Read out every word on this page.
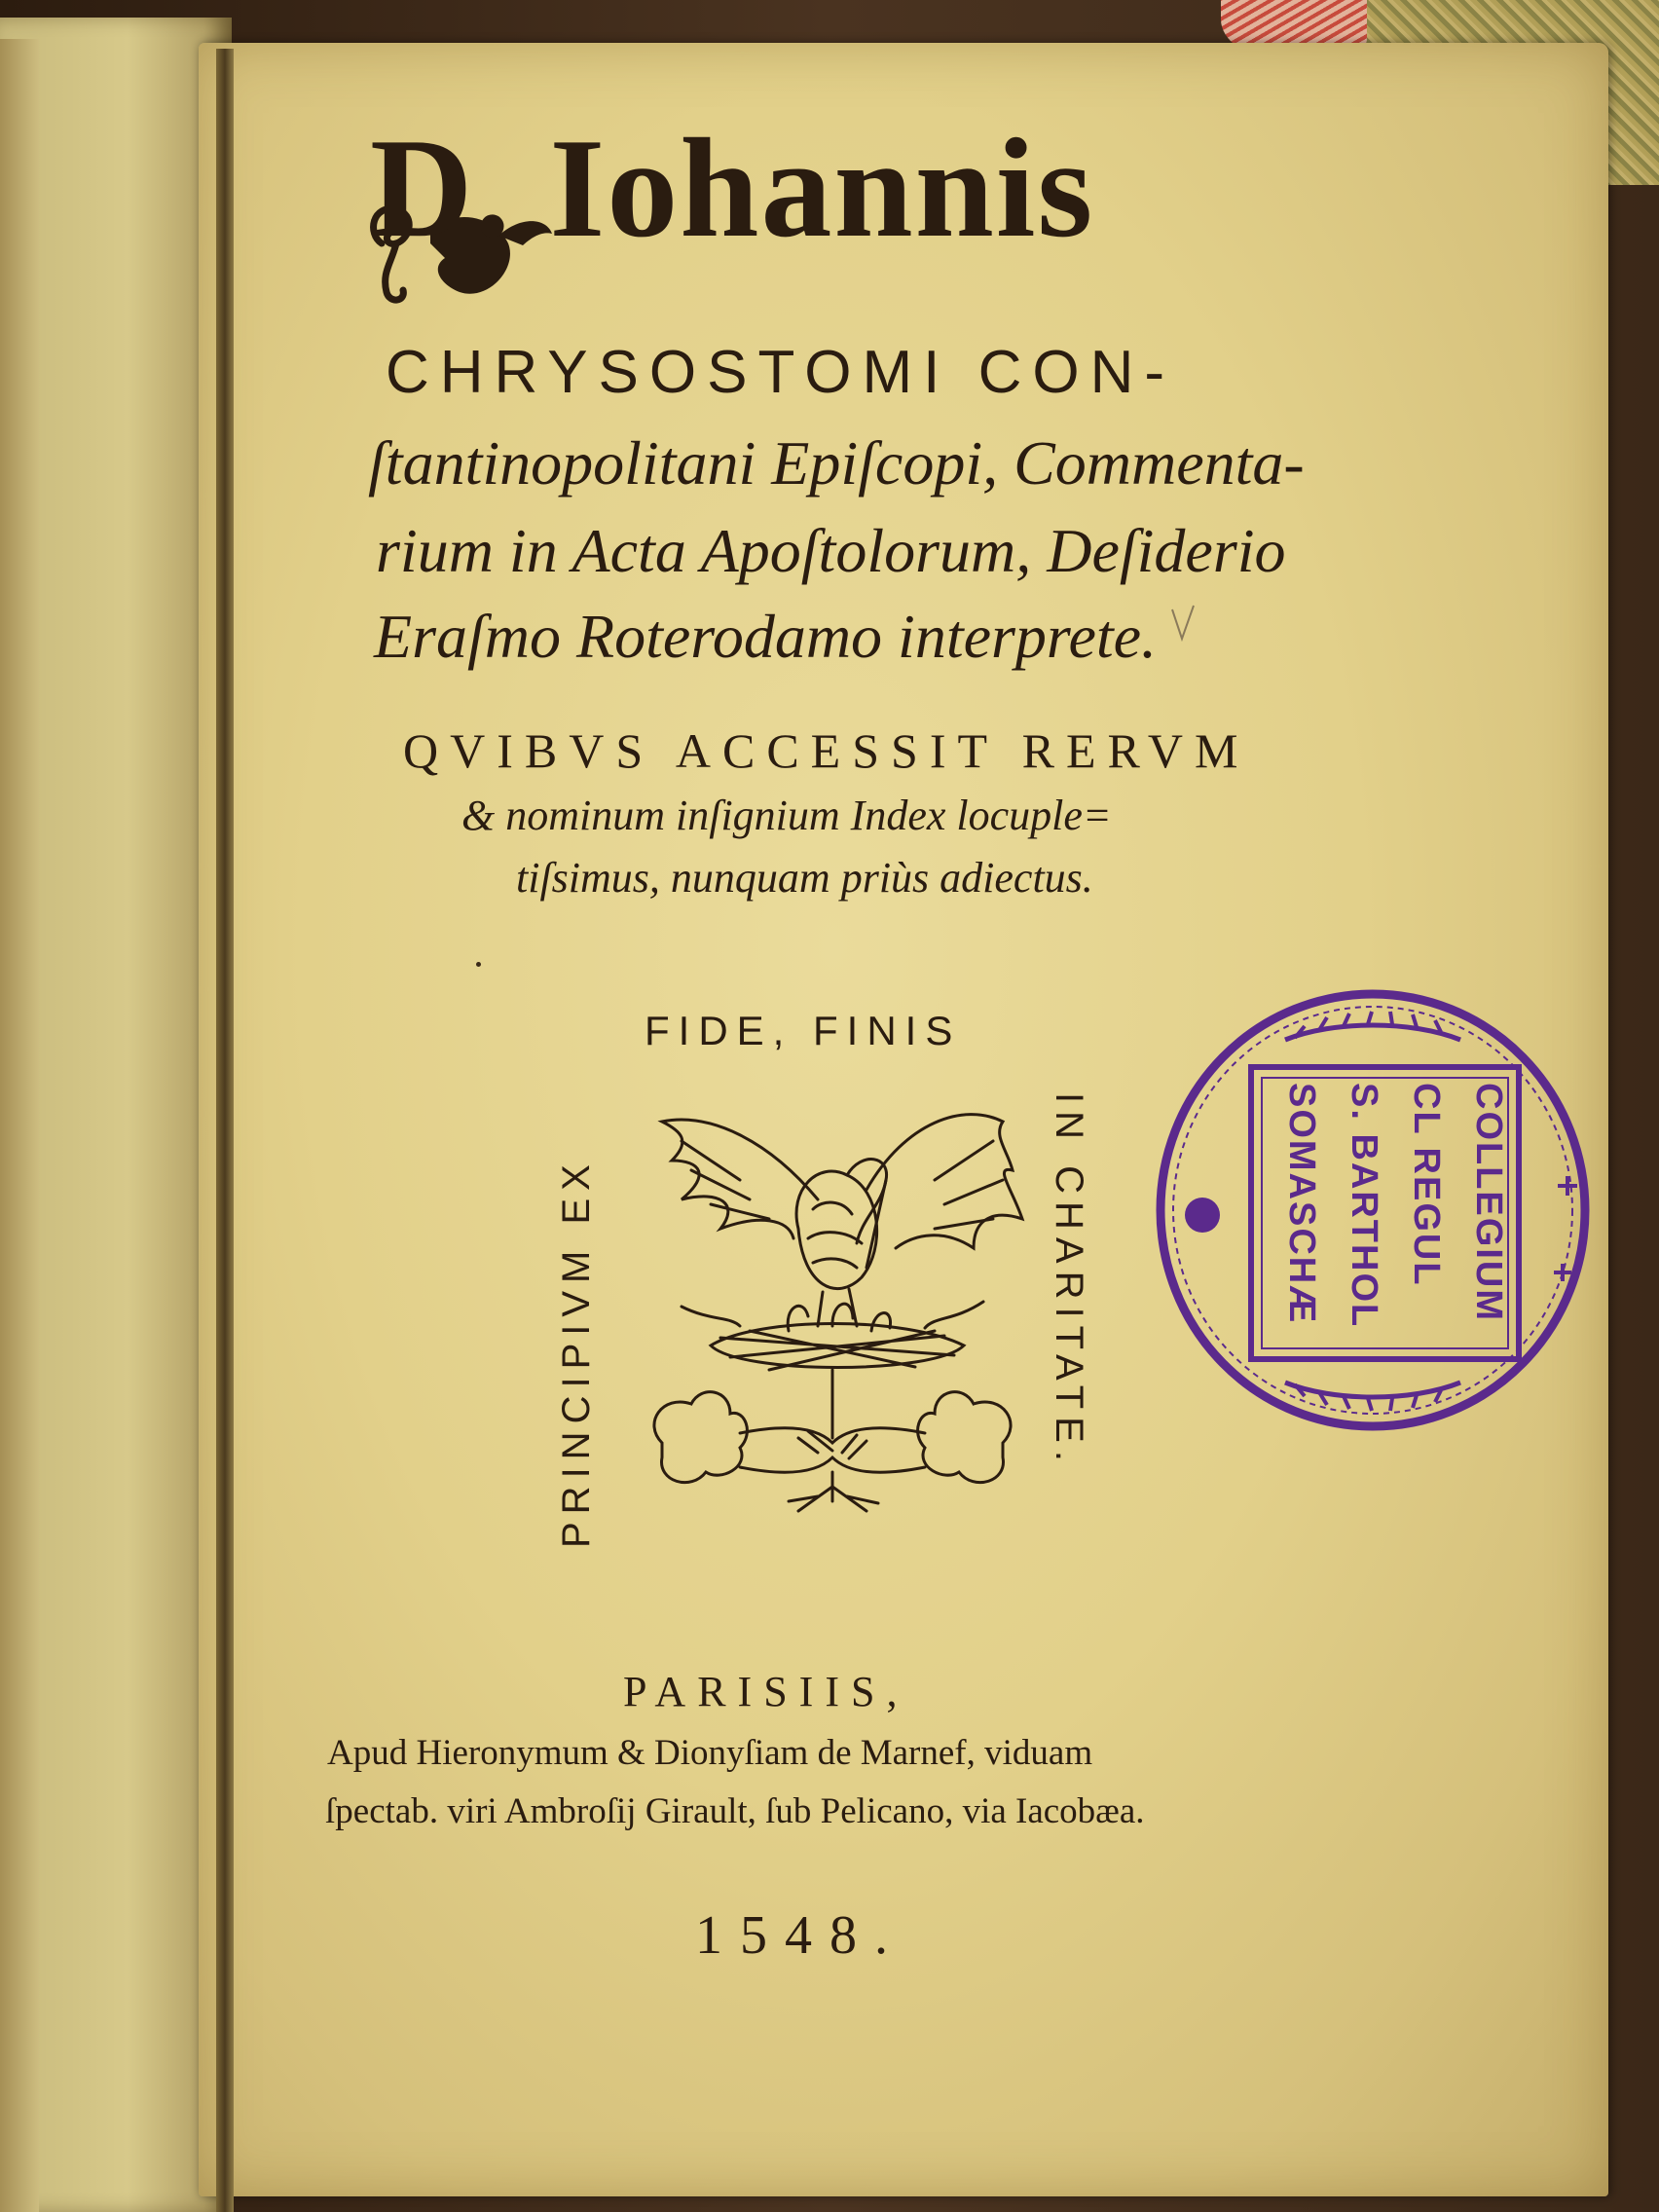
D. Iohannis

CHRYSOSTOMI CON-

ſtantinopolitani Epiſcopi, Commenta-

rium in Acta Apoſtolorum, Deſiderio

Eraſmo Roterodamo interprete.

QVIBVS ACCESSIT RERVM

& nominum inſignium Index locuple=

tiſsimus, nunquam priùs adiectus.

FIDE, FINIS

PRINCIPIVM EX	IN CHARITATE.	COLLEGIUM
CL REGUL
S. BARTHOL
SOMASCHÆ

PARISIIS,

Apud Hieronymum & Dionyſiam de Marnef, viduam

ſpectab. viri Ambroſij Girault, ſub Pelicano, via Iacobæa.

1548.
